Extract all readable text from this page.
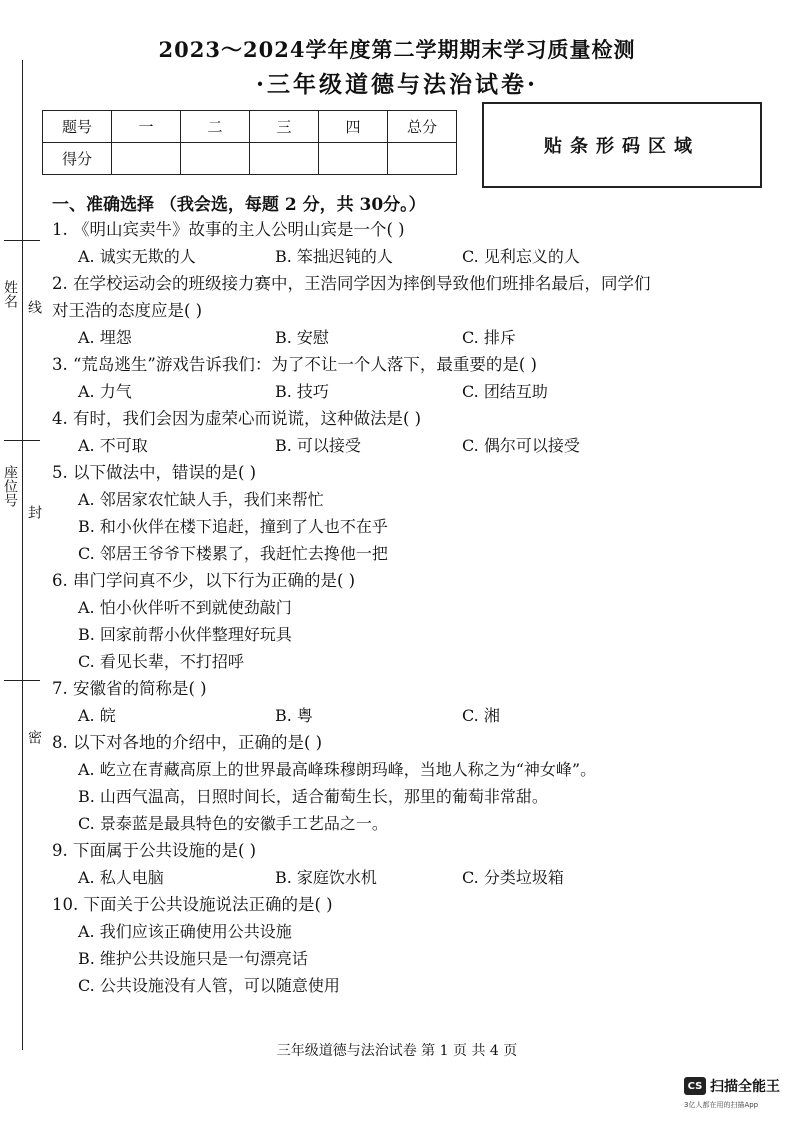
姓名 线
座位号
封
密
2023～2024学年度第二学期期末学习质量检测
·三年级道德与法治试卷·
题号	一	二	三	四	总分
得分					
贴条形码区域
一、准确选择 （我会选，每题 2 分，共 30分。）
1. 《明山宾卖牛》故事的主人公明山宾是一个( )
A. 诚实无欺的人	B. 笨拙迟钝的人	C. 见利忘义的人
2. 在学校运动会的班级接力赛中，王浩同学因为摔倒导致他们班排名最后，同学们
对王浩的态度应是( )
A. 埋怨	B. 安慰	C. 排斥
3. “荒岛逃生”游戏告诉我们：为了不让一个人落下，最重要的是( )
A. 力气	B. 技巧	C. 团结互助
4. 有时，我们会因为虚荣心而说谎，这种做法是( )
A. 不可取	B. 可以接受	C. 偶尔可以接受
5. 以下做法中，错误的是( )
A. 邻居家农忙缺人手，我们来帮忙
B. 和小伙伴在楼下追赶，撞到了人也不在乎
C. 邻居王爷爷下楼累了，我赶忙去搀他一把
6. 串门学问真不少，以下行为正确的是( )
A. 怕小伙伴听不到就使劲敲门
B. 回家前帮小伙伴整理好玩具
C. 看见长辈，不打招呼
7. 安徽省的简称是( )
A. 皖	B. 粤	C. 湘
8. 以下对各地的介绍中，正确的是( )
A. 屹立在青藏高原上的世界最高峰珠穆朗玛峰，当地人称之为“神女峰”。
B. 山西气温高，日照时间长，适合葡萄生长，那里的葡萄非常甜。
C. 景泰蓝是最具特色的安徽手工艺品之一。
9. 下面属于公共设施的是( )
A. 私人电脑	B. 家庭饮水机	C. 分类垃圾箱
10. 下面关于公共设施说法正确的是( )
A. 我们应该正确使用公共设施
B. 维护公共设施只是一句漂亮话
C. 公共设施没有人管，可以随意使用
三年级道德与法治试卷 第 1 页 共 4 页
CS 扫描全能王
3亿人都在用的扫描App
